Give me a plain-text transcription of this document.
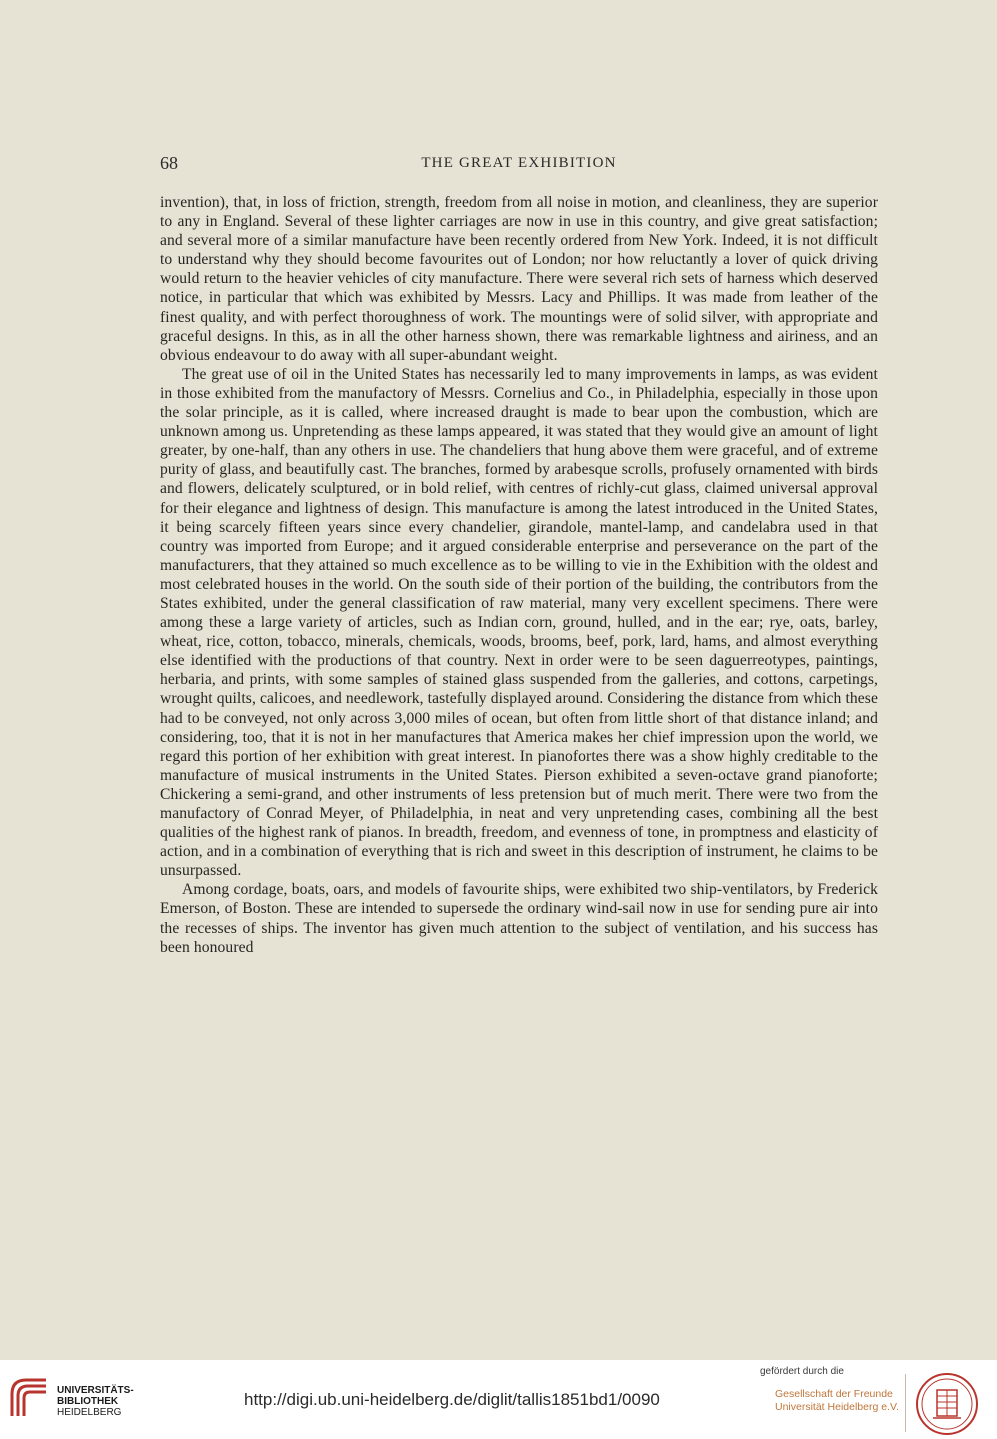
68	THE GREAT EXHIBITION

invention), that, in loss of friction, strength, freedom from all noise in motion, and cleanliness, they are superior to any in England. Several of these lighter carriages are now in use in this country, and give great satisfaction; and several more of a similar manufacture have been recently ordered from New York. Indeed, it is not difficult to understand why they should become favourites out of London; nor how reluctantly a lover of quick driving would return to the heavier vehicles of city manufacture. There were several rich sets of harness which deserved notice, in particular that which was exhibited by Messrs. Lacy and Phillips. It was made from leather of the finest quality, and with perfect thoroughness of work. The mountings were of solid silver, with appropriate and graceful designs. In this, as in all the other harness shown, there was remarkable lightness and airiness, and an obvious endeavour to do away with all super-abundant weight.

The great use of oil in the United States has necessarily led to many improvements in lamps, as was evident in those exhibited from the manufactory of Messrs. Cornelius and Co., in Philadelphia, especially in those upon the solar principle, as it is called, where increased draught is made to bear upon the combustion, which are unknown among us. Unpretending as these lamps appeared, it was stated that they would give an amount of light greater, by one-half, than any others in use. The chandeliers that hung above them were graceful, and of extreme purity of glass, and beautifully cast. The branches, formed by arabesque scrolls, profusely ornamented with birds and flowers, delicately sculptured, or in bold relief, with centres of richly-cut glass, claimed universal approval for their elegance and lightness of design. This manufacture is among the latest introduced in the United States, it being scarcely fifteen years since every chandelier, girandole, mantel-lamp, and candelabra used in that country was imported from Europe; and it argued considerable enterprise and perseverance on the part of the manufacturers, that they attained so much excellence as to be willing to vie in the Exhibition with the oldest and most celebrated houses in the world. On the south side of their portion of the building, the contributors from the States exhibited, under the general classification of raw material, many very excellent specimens. There were among these a large variety of articles, such as Indian corn, ground, hulled, and in the ear; rye, oats, barley, wheat, rice, cotton, tobacco, minerals, chemicals, woods, brooms, beef, pork, lard, hams, and almost everything else identified with the productions of that country. Next in order were to be seen daguerreotypes, paintings, herbaria, and prints, with some samples of stained glass suspended from the galleries, and cottons, carpetings, wrought quilts, calicoes, and needlework, tastefully displayed around. Considering the distance from which these had to be conveyed, not only across 3,000 miles of ocean, but often from little short of that distance inland; and considering, too, that it is not in her manufactures that America makes her chief impression upon the world, we regard this portion of her exhibition with great interest. In pianofortes there was a show highly creditable to the manufacture of musical instruments in the United States. Pierson exhibited a seven-octave grand pianoforte; Chickering a semi-grand, and other instruments of less pretension but of much merit. There were two from the manufactory of Conrad Meyer, of Philadelphia, in neat and very unpretending cases, combining all the best qualities of the highest rank of pianos. In breadth, freedom, and evenness of tone, in promptness and elasticity of action, and in a combination of everything that is rich and sweet in this description of instrument, he claims to be unsurpassed.

Among cordage, boats, oars, and models of favourite ships, were exhibited two ship-ventilators, by Frederick Emerson, of Boston. These are intended to supersede the ordinary wind-sail now in use for sending pure air into the recesses of ships. The inventor has given much attention to the subject of ventilation, and his success has been honoured

UNIVERSITÄTS-
BIBLIOTHEK
HEIDELBERG
http://digi.ub.uni-heidelberg.de/diglit/tallis1851bd1/0090
gefördert durch die
Gesellschaft der Freunde
Universität Heidelberg e.V.
